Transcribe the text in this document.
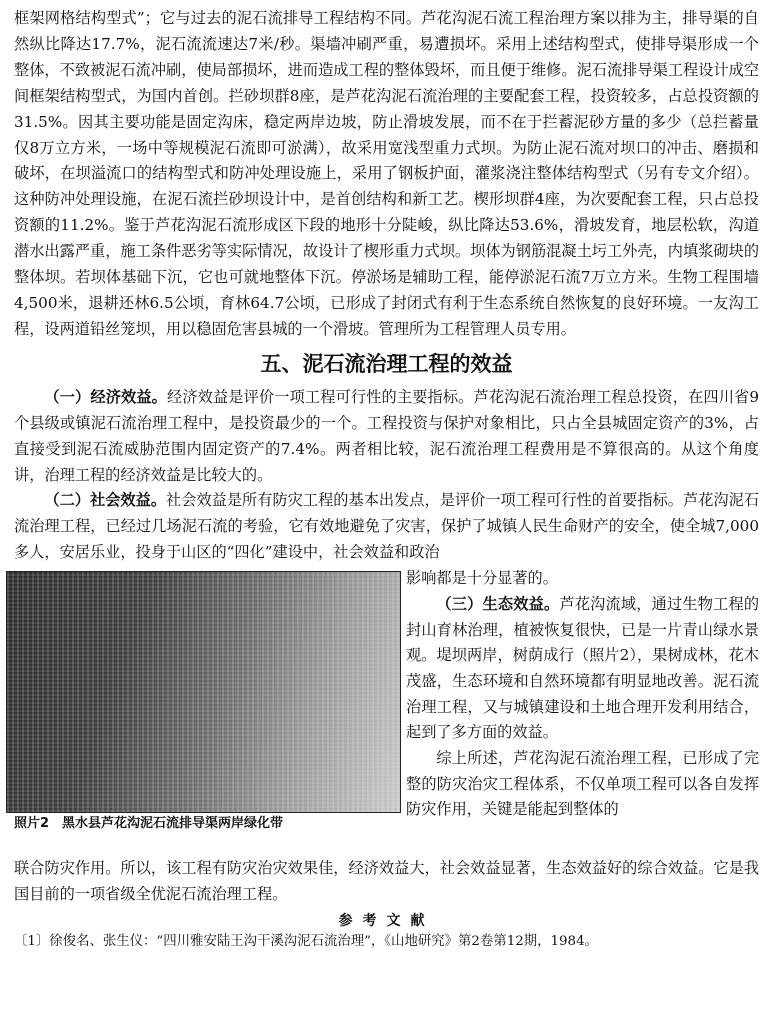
框架网格结构型式”；它与过去的泥石流排导工程结构不同。芦花沟泥石流工程治理方案以排为主，排导渠的自然纵比降达17.7%，泥石流流速达7米/秒。渠墙冲刷严重，易遭损坏。采用上述结构型式，使排导渠形成一个整体，不致被泥石流冲刷，使局部损坏，进而造成工程的整体毁坏，而且便于维修。泥石流排导渠工程设计成空间框架结构型式，为国内首创。拦砂坝群8座，是芦花沟泥石流治理的主要配套工程，投资较多，占总投资额的31.5%。因其主要功能是固定沟床，稳定两岸边坡，防止滑坡发展，而不在于拦蓄泥砂方量的多少（总拦蓄量仅8万立方米，一场中等规模泥石流即可淤满），故采用宽浅型重力式坝。为防止泥石流对坝口的冲击、磨损和破坏，在坝溢流口的结构型式和防冲处理设施上，采用了钢板护面，灌浆浇注整体结构型式（另有专文介绍）。这种防冲处理设施，在泥石流拦砂坝设计中，是首创结构和新工艺。楔形坝群4座，为次要配套工程，只占总投资额的11.2%。鉴于芦花沟泥石流形成区下段的地形十分陡峻，纵比降达53.6%，滑坡发育，地层松软，沟道潜水出露严重，施工条件恶劣等实际情况，故设计了楔形重力式坝。坝体为钢筋混凝土圬工外壳，内填浆砌块的整体坝。若坝体基础下沉，它也可就地整体下沉。停淤场是辅助工程，能停淤泥石流7万立方米。生物工程围墙4,500米，退耕还林6.5公顷，育林64.7公顷，已形成了封闭式有利于生态系统自然恢复的良好环境。一友沟工程，设两道铅丝笼坝，用以稳固危害县城的一个滑坡。管理所为工程管理人员专用。

五、泥石流治理工程的效益

（一）经济效益。经济效益是评价一项工程可行性的主要指标。芦花沟泥石流治理工程总投资，在四川省9个县级或镇泥石流治理工程中，是投资最少的一个。工程投资与保护对象相比，只占全县城固定资产的3%，占直接受到泥石流威胁范围内固定资产的7.4%。两者相比较，泥石流治理工程费用是不算很高的。从这个角度讲，治理工程的经济效益是比较大的。

（二）社会效益。社会效益是所有防灾工程的基本出发点，是评价一项工程可行性的首要指标。芦花沟泥石流治理工程，已经过几场泥石流的考验，它有效地避免了灾害，保护了城镇人民生命财产的安全，使全城7,000多人，安居乐业，投身于山区的“四化”建设中，社会效益和政治

照片2　黑水县芦花沟泥石流排导渠两岸绿化带

影响都是十分显著的。

（三）生态效益。芦花沟流域，通过生物工程的封山育林治理，植被恢复很快，已是一片青山绿水景观。堤坝两岸，树荫成行（照片2），果树成林，花木茂盛，生态环境和自然环境都有明显地改善。泥石流治理工程，又与城镇建设和土地合理开发利用结合，起到了多方面的效益。

综上所述，芦花沟泥石流治理工程，已形成了完整的防灾治灾工程体系，不仅单项工程可以各自发挥防灾作用，关键是能起到整体的

联合防灾作用。所以，该工程有防灾治灾效果佳，经济效益大，社会效益显著，生态效益好的综合效益。它是我国目前的一项省级全优泥石流治理工程。

参考文献

〔1〕徐俊名、张生仪：“四川雅安陆王沟干溪沟泥石流治理”，《山地研究》第2卷第12期，1984。
